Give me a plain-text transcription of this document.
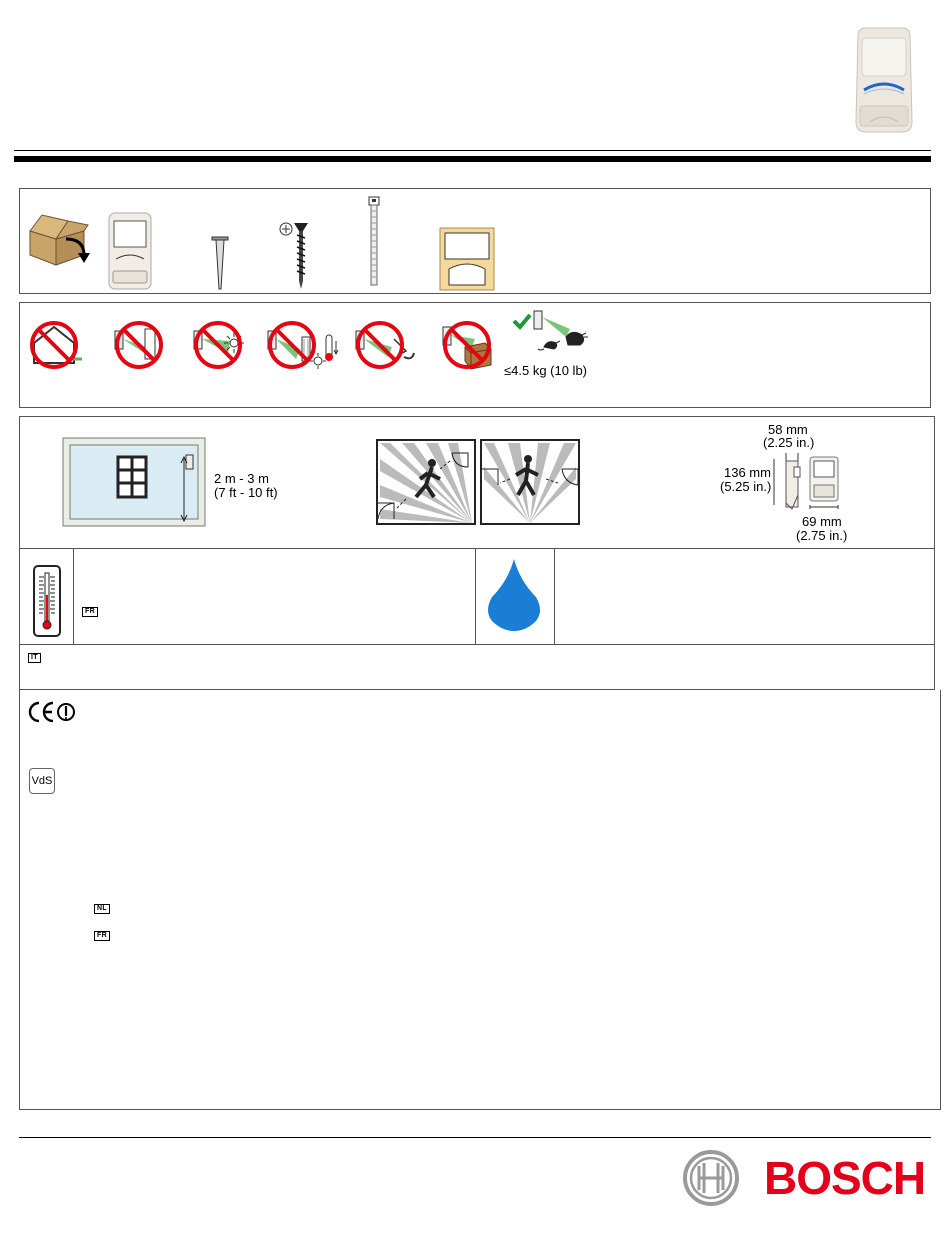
≤4.5 kg (10 lb)
2 m - 3 m
(7 ft - 10 ft)
58 mm
(2.25 in.)
136 mm
(5.25 in.)
69 mm
(2.75 in.)
FR
IT
VdS
NL
FR
BOSCH
